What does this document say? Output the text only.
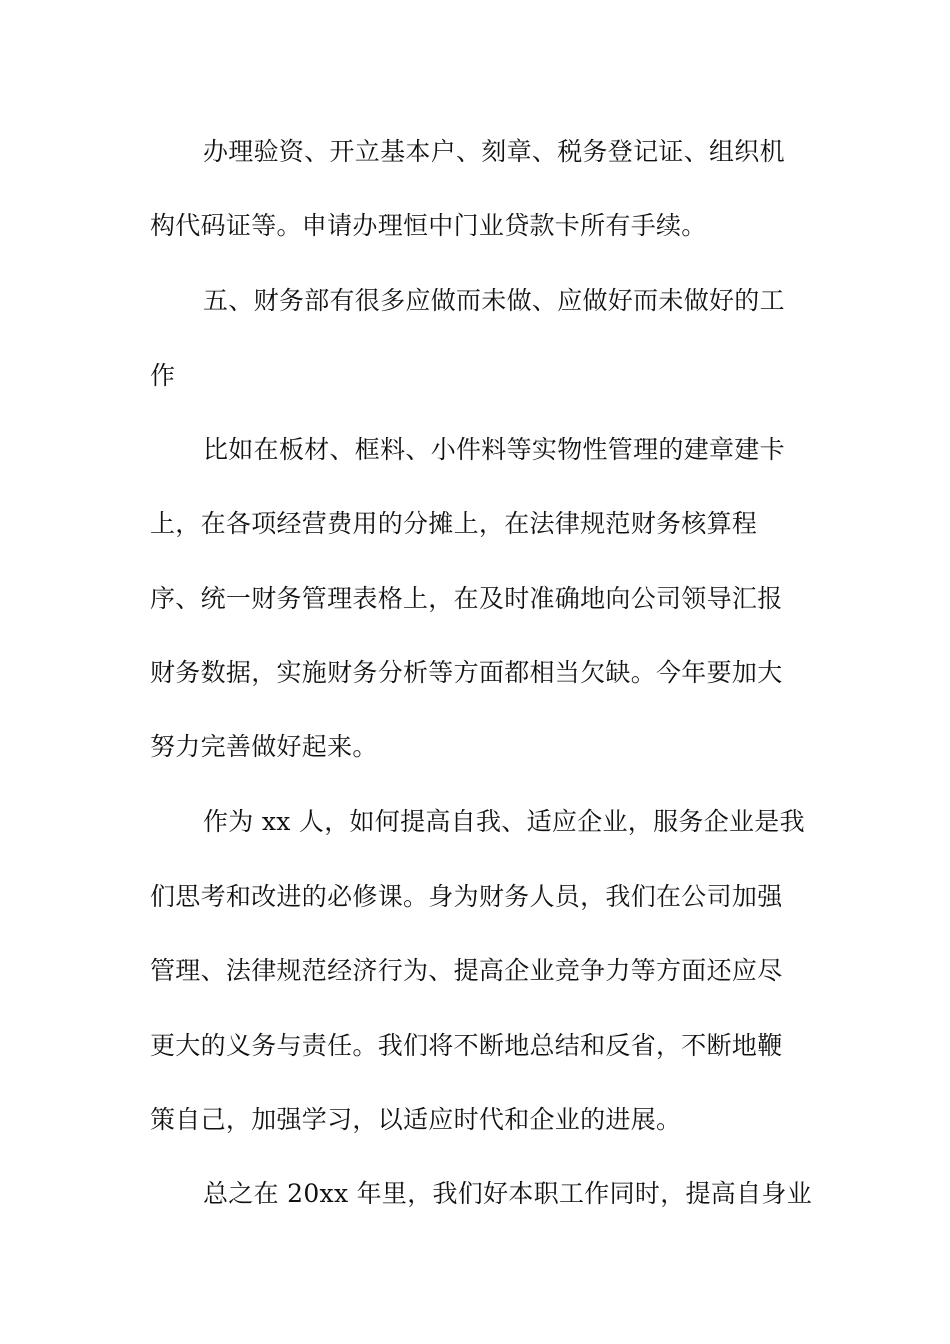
办理验资、开立基本户、刻章、税务登记证、组织机
构代码证等。申请办理恒中门业贷款卡所有手续。
五、财务部有很多应做而未做、应做好而未做好的工
作
比如在板材、框料、小件料等实物性管理的建章建卡
上，在各项经营费用的分摊上，在法律规范财务核算程
序、统一财务管理表格上，在及时准确地向公司领导汇报
财务数据，实施财务分析等方面都相当欠缺。今年要加大
努力完善做好起来。
作为 xx 人，如何提高自我、适应企业，服务企业是我
们思考和改进的必修课。身为财务人员，我们在公司加强
管理、法律规范经济行为、提高企业竞争力等方面还应尽
更大的义务与责任。我们将不断地总结和反省，不断地鞭
策自己，加强学习，以适应时代和企业的进展。
总之在 20xx 年里，我们好本职工作同时，提高自身业
